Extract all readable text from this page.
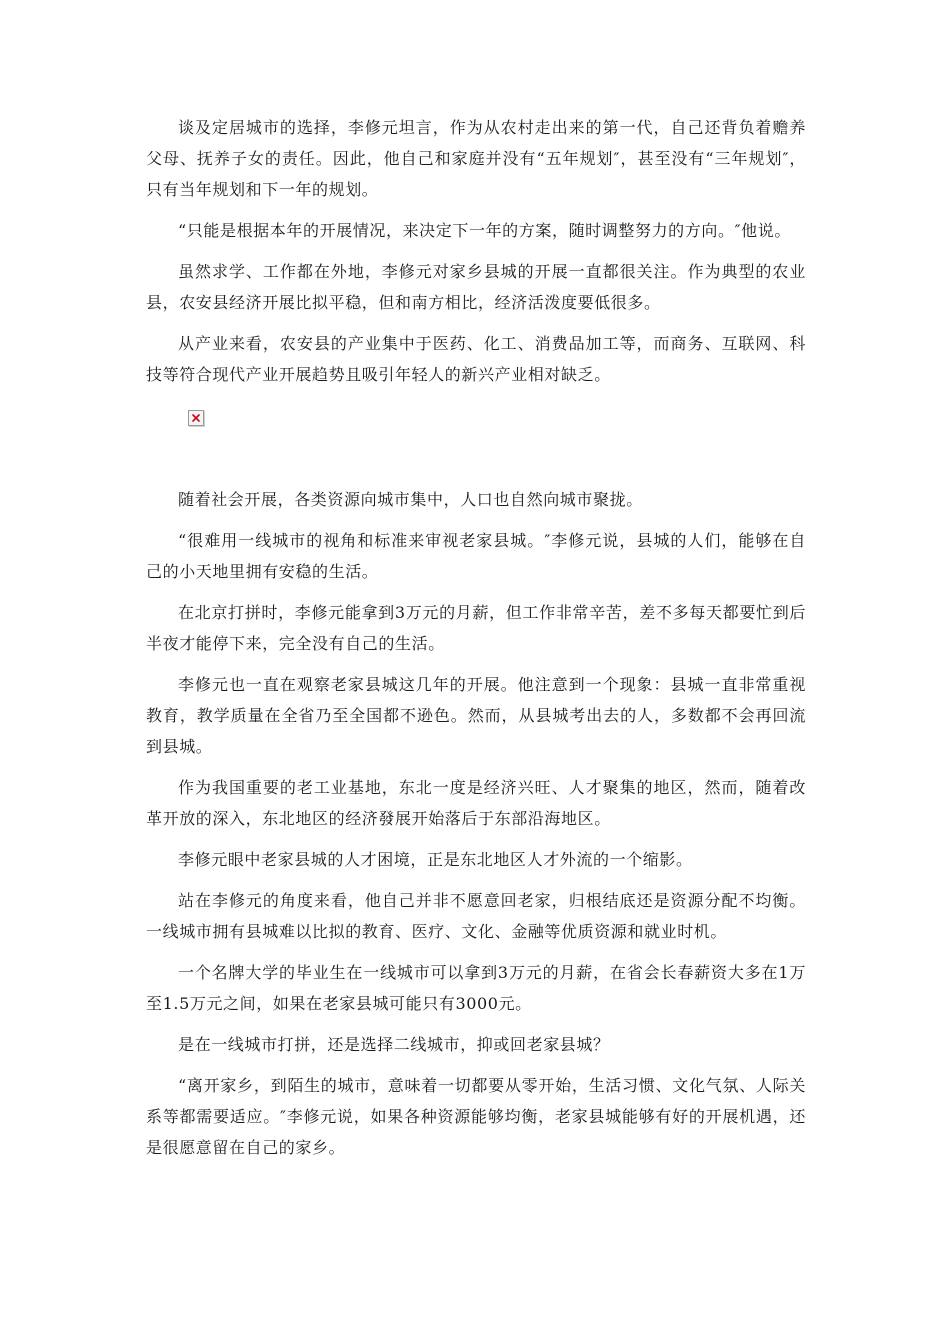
谈及定居城市的选择，李修元坦言，作为从农村走出来的第一代，自己还背负着赡养父母、抚养子女的责任。因此，他自己和家庭并没有“五年规划″，甚至没有“三年规划″，只有当年规划和下一年的规划。

“只能是根据本年的开展情况，来决定下一年的方案，随时调整努力的方向。″他说。

虽然求学、工作都在外地，李修元对家乡县城的开展一直都很关注。作为典型的农业县，农安县经济开展比拟平稳，但和南方相比，经济活泼度要低很多。

从产业来看，农安县的产业集中于医药、化工、消费品加工等，而商务、互联网、科技等符合现代产业开展趋势且吸引年轻人的新兴产业相对缺乏。

随着社会开展，各类资源向城市集中，人口也自然向城市聚拢。

“很难用一线城市的视角和标准来审视老家县城。″李修元说，县城的人们，能够在自己的小天地里拥有安稳的生活。

在北京打拼时，李修元能拿到3万元的月薪，但工作非常辛苦，差不多每天都要忙到后半夜才能停下来，完全没有自己的生活。

李修元也一直在观察老家县城这几年的开展。他注意到一个现象：县城一直非常重视教育，教学质量在全省乃至全国都不逊色。然而，从县城考出去的人，多数都不会再回流到县城。

作为我国重要的老工业基地，东北一度是经济兴旺、人才聚集的地区，然而，随着改革开放的深入，东北地区的经济發展开始落后于东部沿海地区。

李修元眼中老家县城的人才困境，正是东北地区人才外流的一个缩影。

站在李修元的角度来看，他自己并非不愿意回老家，归根结底还是资源分配不均衡。一线城市拥有县城难以比拟的教育、医疗、文化、金融等优质资源和就业时机。

一个名牌大学的毕业生在一线城市可以拿到3万元的月薪，在省会长春薪资大多在1万至1.5万元之间，如果在老家县城可能只有3000元。

是在一线城市打拼，还是选择二线城市，抑或回老家县城？

“离开家乡，到陌生的城市，意味着一切都要从零开始，生活习惯、文化气氛、人际关系等都需要适应。″李修元说，如果各种资源能够均衡，老家县城能够有好的开展机遇，还是很愿意留在自己的家乡。
